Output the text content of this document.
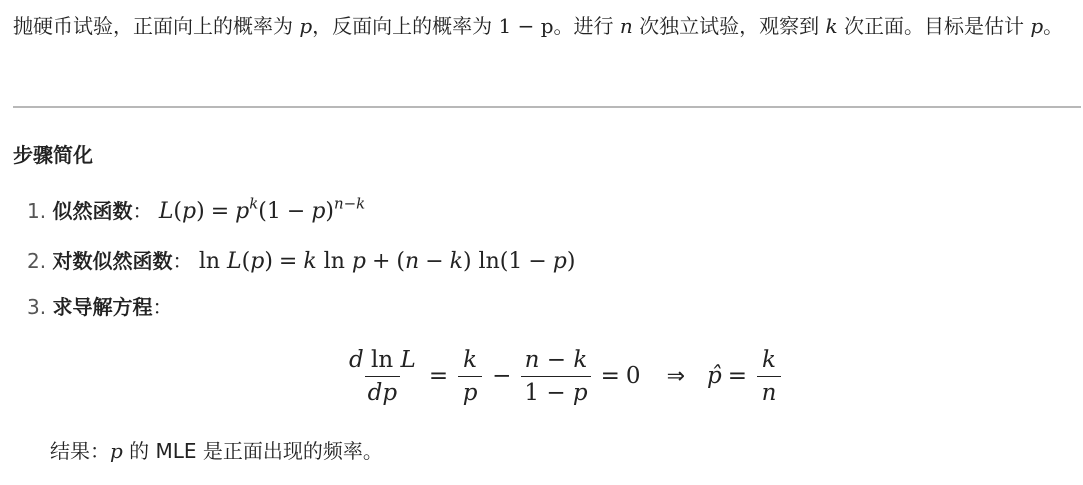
抛硬币试验，正面向上的概率为 p，反面向上的概率为 1 − p。进行 n 次独立试验，观察到 k 次正面。目标是估计 p。
步骤简化
1. 似然函数： $L(p) = p^k(1 - p)^{n-k}$
2. 对数似然函数： ln L(p) = k ln p + (n − k) ln(1 − p)
3. 求导解方程：
$\frac{\text{d ln L}}{dp} = \frac{k}{p} - \frac{n - k}{1 - p} = 0$	⇒ p̂ = $\frac{k}{n}$
结果：p 的 MLE 是正面出现的频率。
